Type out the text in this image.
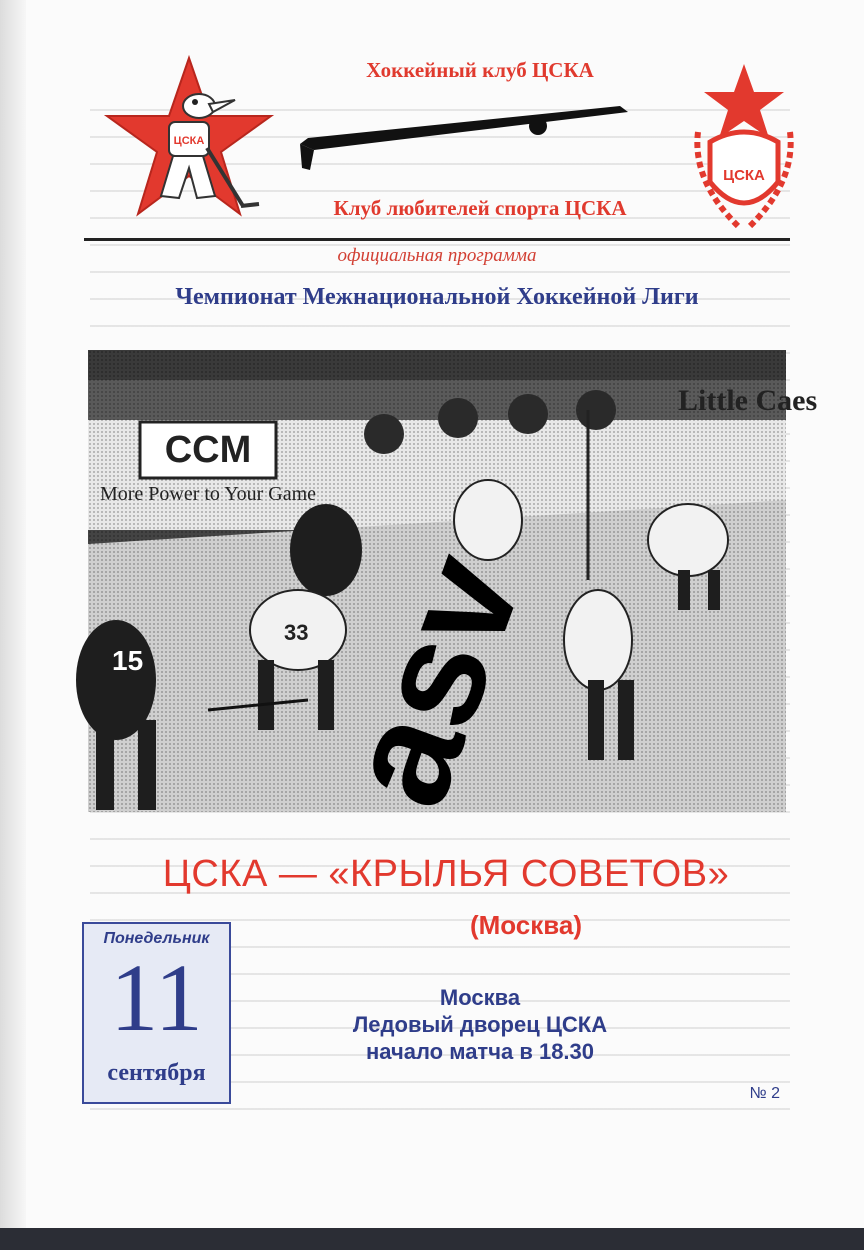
ЦСКА
Хоккейный клуб ЦСКА
Клуб любителей спорта ЦСКА
ЦСКА
официальная программа
Чемпионат Межнациональной Хоккейной Лиги
CCM
More Power to Your Game
Little Caes
15
33 asv
ЦСКА — «КРЫЛЬЯ СОВЕТОВ»
(Москва)
Понедельник
11
сентября
Москва
Ледовый дворец ЦСКА
начало матча в 18.30
№ 2
